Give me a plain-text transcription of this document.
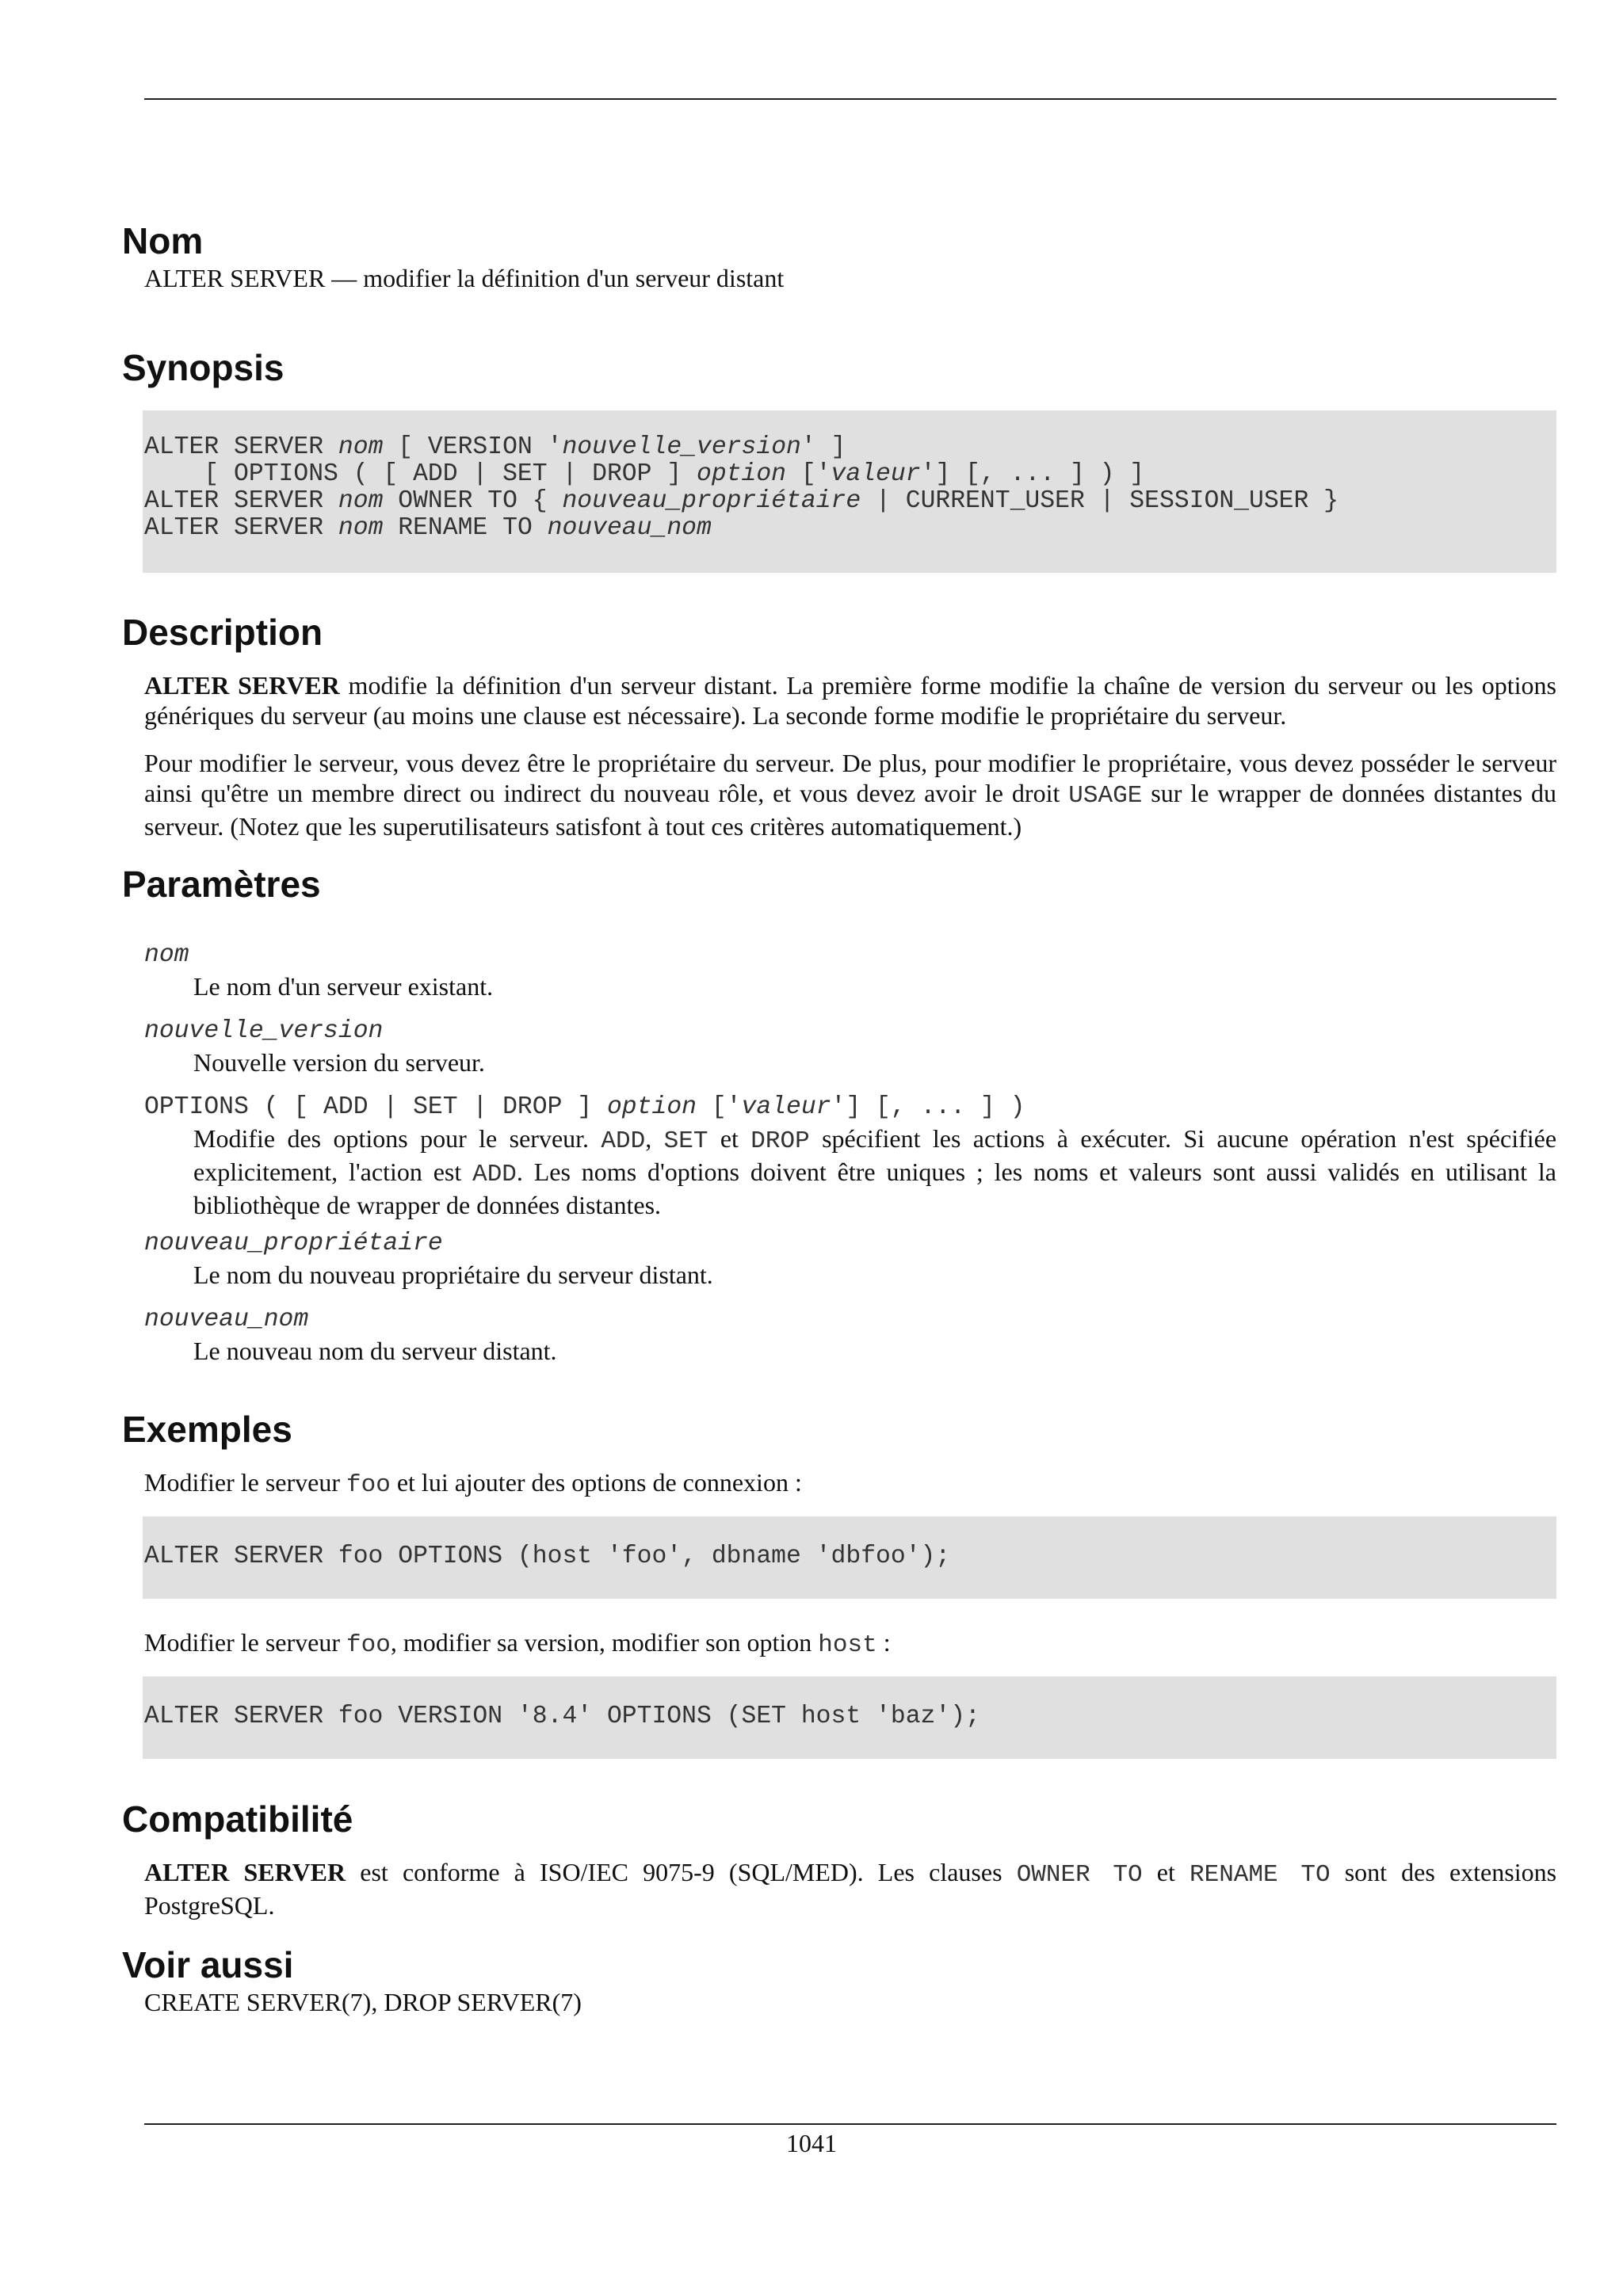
Nom

ALTER SERVER — modifier la définition d'un serveur distant

Synopsis
ALTER SERVER nom [ VERSION 'nouvelle_version' ]
[ OPTIONS ( [ ADD | SET | DROP ] option ['valeur'] [, ... ] ) ]
ALTER SERVER nom OWNER TO { nouveau_propriétaire | CURRENT_USER | SESSION_USER }
ALTER SERVER nom RENAME TO nouveau_nom
Description

ALTER SERVER modifie la définition d'un serveur distant. La première forme modifie la chaîne de version du serveur ou les options génériques du serveur (au moins une clause est nécessaire). La seconde forme modifie le propriétaire du serveur.

Pour modifier le serveur, vous devez être le propriétaire du serveur. De plus, pour modifier le propriétaire, vous devez posséder le serveur ainsi qu'être un membre direct ou indirect du nouveau rôle, et vous devez avoir le droit USAGE sur le wrapper de données distantes du serveur. (Notez que les superutilisateurs satisfont à tout ces critères automatiquement.)

Paramètres
nom

Le nom d'un serveur existant.

nouvelle_version

Nouvelle version du serveur.

OPTIONS ( [ ADD | SET | DROP ] option ['valeur'] [, ... ] )

Modifie des options pour le serveur. ADD, SET et DROP spécifient les actions à exécuter. Si aucune opération n'est spécifiée explicitement, l'action est ADD. Les noms d'options doivent être uniques ; les noms et valeurs sont aussi validés en utilisant la bibliothèque de wrapper de données distantes.

nouveau_propriétaire

Le nom du nouveau propriétaire du serveur distant.

nouveau_nom

Le nouveau nom du serveur distant.

Exemples

Modifier le serveur foo et lui ajouter des options de connexion :

ALTER SERVER foo OPTIONS (host 'foo', dbname 'dbfoo');

Modifier le serveur foo, modifier sa version, modifier son option host :

ALTER SERVER foo VERSION '8.4' OPTIONS (SET host 'baz');
Compatibilité

ALTER SERVER est conforme à ISO/IEC 9075-9 (SQL/MED). Les clauses OWNER TO et RENAME TO sont des extensions PostgreSQL.

Voir aussi

CREATE SERVER(7), DROP SERVER(7)

1041
